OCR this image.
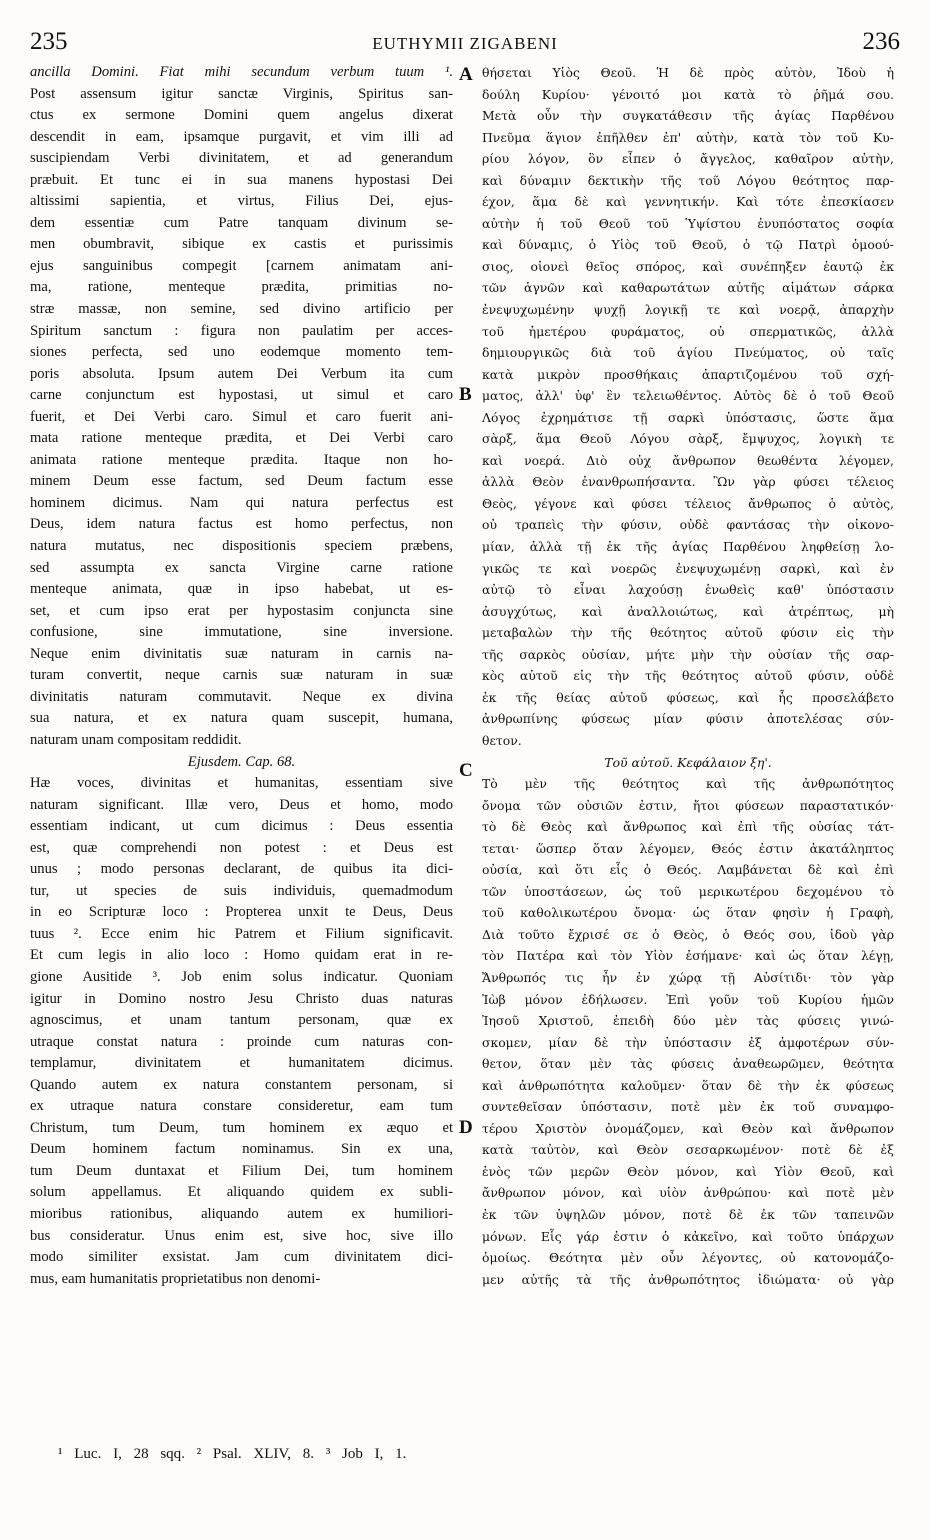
235	EUTHYMII ZIGABENI	236
ancilla Domini. Fiat mihi secundum verbum tuum ¹.
Post assensum igitur sanctæ Virginis, Spiritus san-
ctus ex sermone Domini quem angelus dixerat
descendit in eam, ipsamque purgavit, et vim illi ad
suscipiendam Verbi divinitatem, et ad generandum
præbuit. Et tunc ei in sua manens hypostasi Dei
altissimi sapientia, et virtus, Filius Dei, ejus-
dem essentiæ cum Patre tanquam divinum se-
men obumbravit, sibique ex castis et purissimis
ejus sanguinibus compegit [carnem animatam ani-
ma, ratione, menteque prædita, primitias no-
stræ massæ, non semine, sed divino artificio per
Spiritum sanctum : figura non paulatim per acces-
siones perfecta, sed uno eodemque momento tem-
poris absoluta. Ipsum autem Dei Verbum ita cum
carne conjunctum est hypostasi, ut simul et caro
fuerit, et Dei Verbi caro. Simul et caro fuerit ani-
mata ratione menteque prædita, et Dei Verbi caro
animata ratione menteque prædita. Itaque non ho-
minem Deum esse factum, sed Deum factum esse
hominem dicimus. Nam qui natura perfectus est
Deus, idem natura factus est homo perfectus, non
natura mutatus, nec dispositionis speciem præbens,
sed assumpta ex sancta Virgine carne ratione
menteque animata, quæ in ipso habebat, ut es-
set, et cum ipso erat per hypostasim conjuncta sine
confusione, sine immutatione, sine inversione.
Neque enim divinitatis suæ naturam in carnis na-
turam convertit, neque carnis suæ naturam in suæ
divinitatis naturam commutavit. Neque ex divina
sua natura, et ex natura quam suscepit, humana,
naturam unam compositam reddidit.
Ejusdem. Cap. 68.
Hæ voces, divinitas et humanitas, essentiam sive
naturam significant. Illæ vero, Deus et homo, modo
essentiam indicant, ut cum dicimus : Deus essentia
est, quæ comprehendi non potest : et Deus est
unus ; modo personas declarant, de quibus ita dici-
tur, ut species de suis individuis, quemadmodum
in eo Scripturæ loco : Propterea unxit te Deus, Deus
tuus ². Ecce enim hic Patrem et Filium significavit.
Et cum legis in alio loco : Homo quidam erat in re-
gione Ausitide ³. Job enim solus indicatur. Quoniam
igitur in Domino nostro Jesu Christo duas naturas
agnoscimus, et unam tantum personam, quæ ex
utraque constat natura : proinde cum naturas con-
templamur, divinitatem et humanitatem dicimus.
Quando autem ex natura constantem personam, si
ex utraque natura constare consideretur, eam tum
Christum, tum Deum, tum hominem ex æquo et
Deum hominem factum nominamus. Sin ex una,
tum Deum duntaxat et Filium Dei, tum hominem
solum appellamus. Et aliquando quidem ex subli-
mioribus rationibus, aliquando autem ex humiliori-
bus consideratur. Unus enim est, sive hoc, sive illo
modo similiter exsistat. Jam cum divinitatem dici-
mus, eam humanitatis proprietatibus non denomi-
θήσεται Υἱὸς Θεοῦ. Ἡ δὲ πρὸς αὐτὸν, Ἰδοὺ ἡ
δούλη Κυρίου· γένοιτό μοι κατὰ τὸ ῥῆμά σου.
Μετὰ οὖν τὴν συγκατάθεσιν τῆς ἁγίας Παρθένου
Πνεῦμα ἅγιον ἐπῆλθεν ἐπ' αὐτὴν, κατὰ τὸν τοῦ Κυ-
ρίου λόγον, ὃν εἶπεν ὁ ἄγγελος, καθαῖρον αὐτὴν,
καὶ δύναμιν δεκτικὴν τῆς τοῦ Λόγου θεότητος παρ-
έχον, ἅμα δὲ καὶ γεννητικήν. Καὶ τότε ἐπεσκίασεν
αὐτὴν ἡ τοῦ Θεοῦ τοῦ Ὑψίστου ἐνυπόστατος σοφία
καὶ δύναμις, ὁ Υἱὸς τοῦ Θεοῦ, ὁ τῷ Πατρὶ ὁμοού-
σιος, οἱονεὶ θεῖος σπόρος, καὶ συνέπηξεν ἑαυτῷ ἐκ
τῶν ἁγνῶν καὶ καθαρωτάτων αὐτῆς αἱμάτων σάρκα
ἐνεψυχωμένην ψυχῇ λογικῇ τε καὶ νοερᾷ, ἀπαρχὴν
τοῦ ἡμετέρου φυράματος, οὐ σπερματικῶς, ἀλλὰ
δημιουργικῶς διὰ τοῦ ἁγίου Πνεύματος, οὐ ταῖς
κατὰ μικρὸν προσθήκαις ἀπαρτιζομένου τοῦ σχή-
ματος, ἀλλ' ὑφ' ἓν τελειωθέντος. Αὐτὸς δὲ ὁ τοῦ Θεοῦ
Λόγος ἐχρημάτισε τῇ σαρκὶ ὑπόστασις, ὥστε ἅμα
σὰρξ, ἅμα Θεοῦ Λόγου σὰρξ, ἔμψυχος, λογικὴ τε
καὶ νοερά. Διὸ οὐχ ἄνθρωπον θεωθέντα λέγομεν,
ἀλλὰ Θεὸν ἐνανθρωπήσαντα. Ὢν γὰρ φύσει τέλειος
Θεὸς, γέγονε καὶ φύσει τέλειος ἄνθρωπος ὁ αὐτὸς,
οὐ τραπεὶς τὴν φύσιν, οὐδὲ φαντάσας τὴν οἰκονο-
μίαν, ἀλλὰ τῇ ἐκ τῆς ἁγίας Παρθένου ληφθείσῃ λο-
γικῶς τε καὶ νοερῶς ἐνεψυχωμένῃ σαρκὶ, καὶ ἐν
αὐτῷ τὸ εἶναι λαχούσῃ ἑνωθεὶς καθ' ὑπόστασιν
ἀσυγχύτως, καὶ ἀναλλοιώτως, καὶ ἀτρέπτως, μὴ
μεταβαλὼν τὴν τῆς θεότητος αὐτοῦ φύσιν εἰς τὴν
τῆς σαρκὸς οὐσίαν, μήτε μὴν τὴν οὐσίαν τῆς σαρ-
κὸς αὐτοῦ εἰς τὴν τῆς θεότητος αὐτοῦ φύσιν, οὐδὲ
ἐκ τῆς θείας αὐτοῦ φύσεως, καὶ ἧς προσελάβετο
ἀνθρωπίνης φύσεως μίαν φύσιν ἀποτελέσας σύν-
θετον.
Τοῦ αὐτοῦ. Κεφάλαιον ξη'.
Τὸ μὲν τῆς θεότητος καὶ τῆς ἀνθρωπότητος
ὄνομα τῶν οὐσιῶν ἐστιν, ἤτοι φύσεων παραστατικόν·
τὸ δὲ Θεὸς καὶ ἄνθρωπος καὶ ἐπὶ τῆς οὐσίας τάτ-
τεται· ὥσπερ ὅταν λέγομεν, Θεός ἐστιν ἀκατάληπτος
οὐσία, καὶ ὅτι εἷς ὁ Θεός. Λαμβάνεται δὲ καὶ ἐπὶ
τῶν ὑποστάσεων, ὡς τοῦ μερικωτέρου δεχομένου τὸ
τοῦ καθολικωτέρου ὄνομα· ὡς ὅταν φησὶν ἡ Γραφὴ,
Διὰ τοῦτο ἔχρισέ σε ὁ Θεὸς, ὁ Θεός σου, ἰδοὺ γὰρ
τὸν Πατέρα καὶ τὸν Υἱὸν ἐσήμανε· καὶ ὡς ὅταν λέγῃ,
Ἄνθρωπός τις ἦν ἐν χώρᾳ τῇ Αὐσίτιδι· τὸν γὰρ
Ἰὼβ μόνον ἐδήλωσεν. Ἐπὶ γοῦν τοῦ Κυρίου ἡμῶν
Ἰησοῦ Χριστοῦ, ἐπειδὴ δύο μὲν τὰς φύσεις γινώ-
σκομεν, μίαν δὲ τὴν ὑπόστασιν ἐξ ἀμφοτέρων σύν-
θετον, ὅταν μὲν τὰς φύσεις ἀναθεωρῶμεν, θεότητα
καὶ ἀνθρωπότητα καλοῦμεν· ὅταν δὲ τὴν ἐκ φύσεως
συντεθεῖσαν ὑπόστασιν, ποτὲ μὲν ἐκ τοῦ συναμφο-
τέρου Χριστὸν ὀνομάζομεν, καὶ Θεὸν καὶ ἄνθρωπον
κατὰ ταὐτὸν, καὶ Θεὸν σεσαρκωμένον· ποτὲ δὲ ἐξ
ἑνὸς τῶν μερῶν Θεὸν μόνον, καὶ Υἱὸν Θεοῦ, καὶ
ἄνθρωπον μόνον, καὶ υἱὸν ἀνθρώπου· καὶ ποτὲ μὲν
ἐκ τῶν ὑψηλῶν μόνον, ποτὲ δὲ ἐκ τῶν ταπεινῶν
μόνων. Εἷς γάρ ἐστιν ὁ κἀκεῖνο, καὶ τοῦτο ὑπάρχων
ὁμοίως. Θεότητα μὲν οὖν λέγοντες, οὐ κατονομάζο-
μεν αὐτῆς τὰ τῆς ἀνθρωπότητος ἰδιώματα· οὐ γὰρ
A
B
C
D
¹ Luc. I, 28 sqq. ² Psal. XLIV, 8. ³ Job I, 1.
